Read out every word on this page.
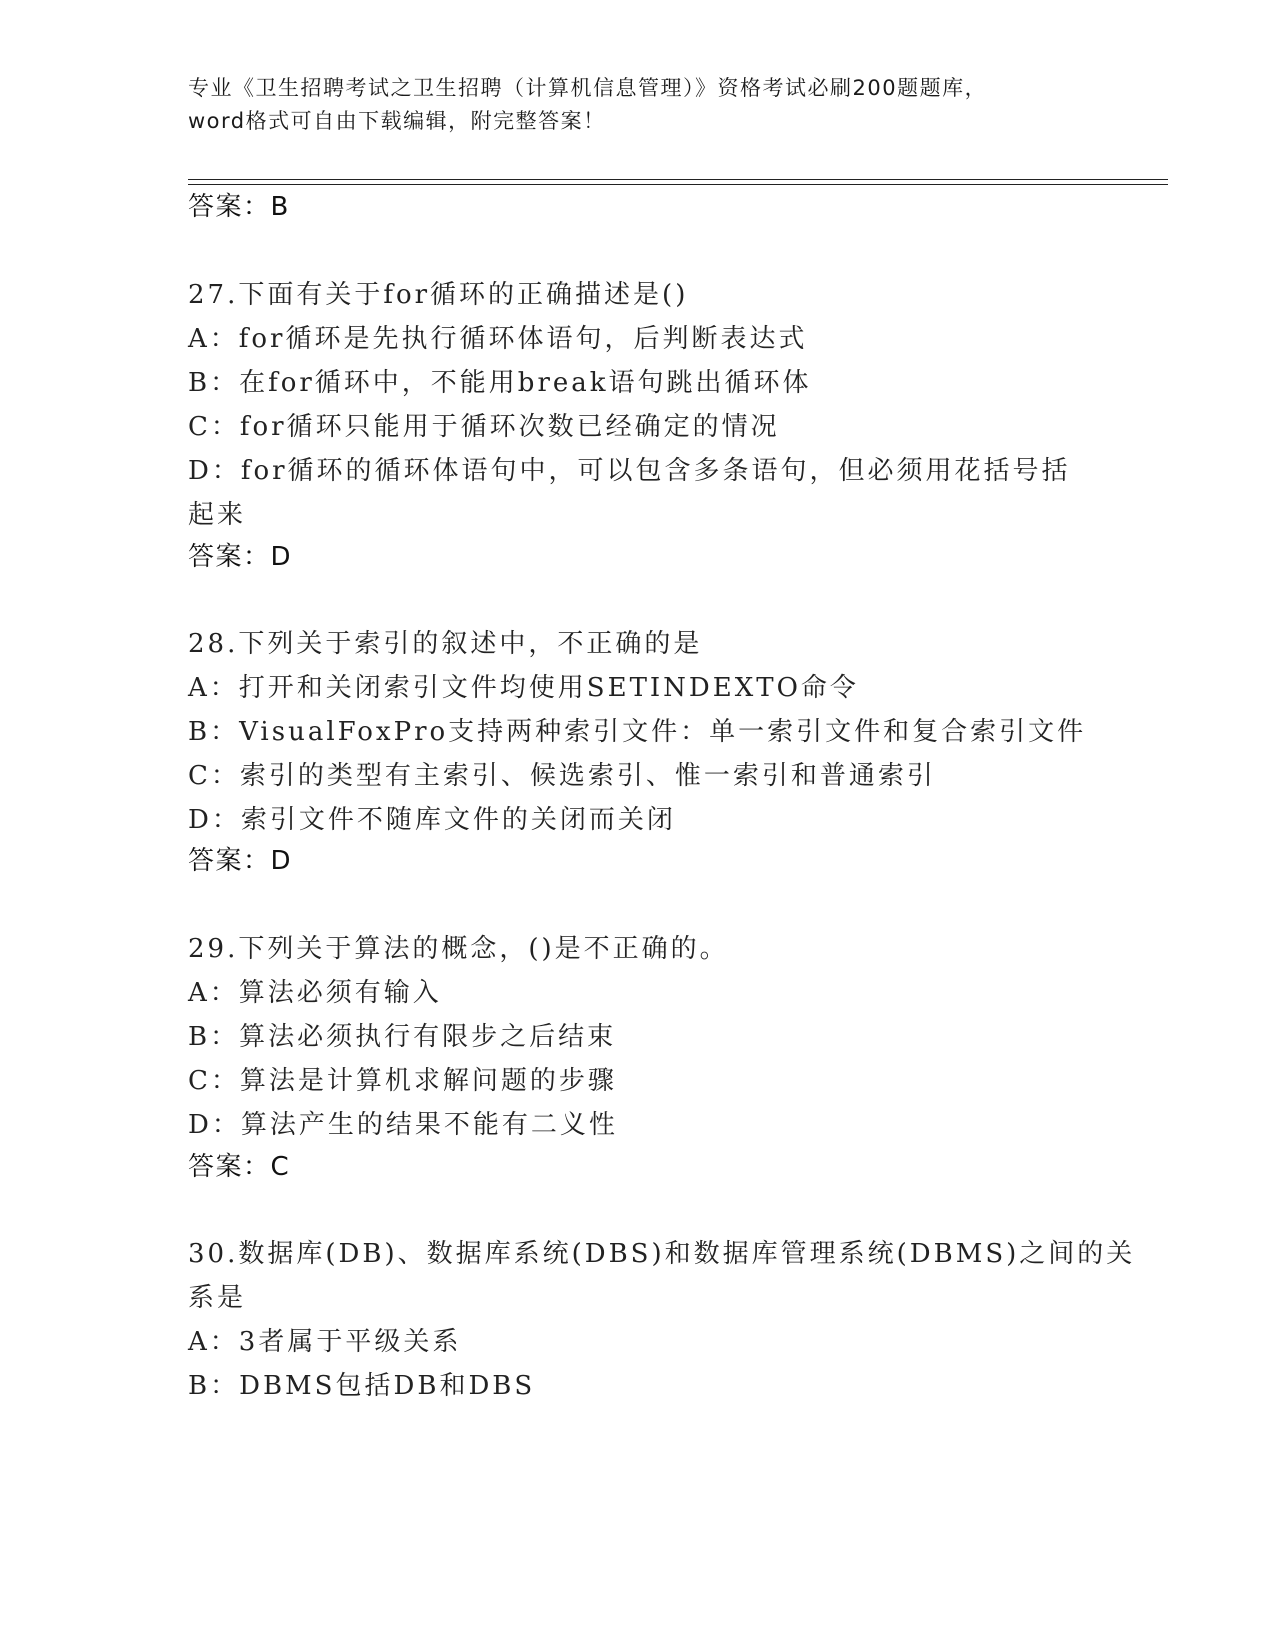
专业《卫生招聘考试之卫生招聘（计算机信息管理）》资格考试必刷200题题库，
word格式可自由下载编辑，附完整答案！
答案：B
27.下面有关于for循环的正确描述是()
A：for循环是先执行循环体语句，后判断表达式
B：在for循环中，不能用break语句跳出循环体
C：for循环只能用于循环次数已经确定的情况
D：for循环的循环体语句中，可以包含多条语句，但必须用花括号括
起来
答案：D
28.下列关于索引的叙述中，不正确的是
A：打开和关闭索引文件均使用SETINDEXTO命令
B：VisualFoxPro支持两种索引文件：单一索引文件和复合索引文件
C：索引的类型有主索引、候选索引、惟一索引和普通索引
D：索引文件不随库文件的关闭而关闭
答案：D
29.下列关于算法的概念，()是不正确的。
A：算法必须有输入
B：算法必须执行有限步之后结束
C：算法是计算机求解问题的步骤
D：算法产生的结果不能有二义性
答案：C
30.数据库(DB)、数据库系统(DBS)和数据库管理系统(DBMS)之间的关
系是
A：3者属于平级关系
B：DBMS包括DB和DBS
